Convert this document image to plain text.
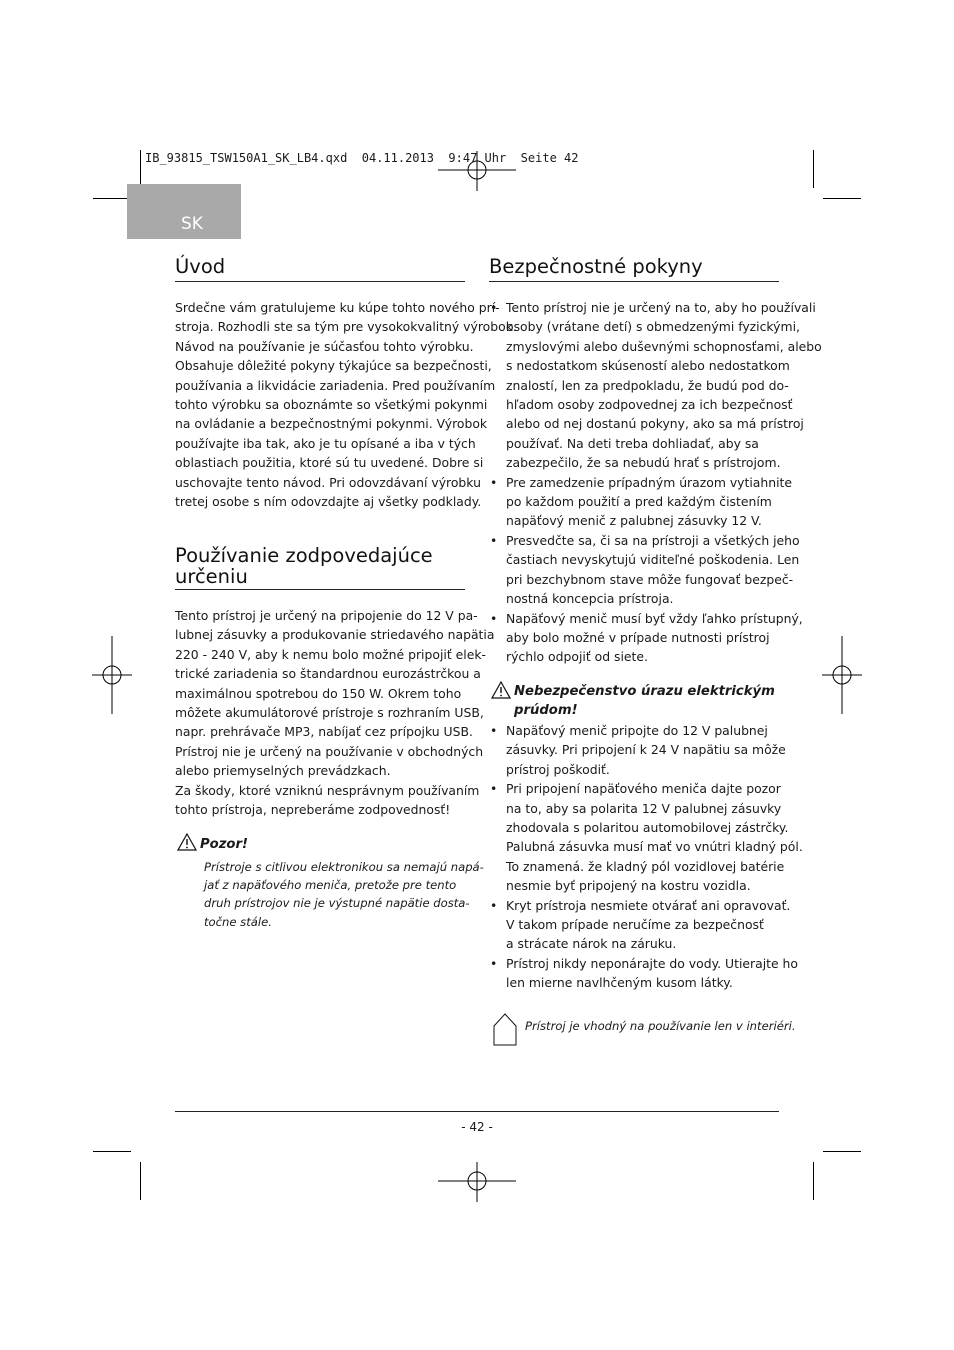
IB_93815_TSW150A1_SK_LB4.qxd  04.11.2013  9:47 Uhr  Seite 42
SK
Úvod
Srdečne vám gratulujeme ku kúpe tohto nového prí-
stroja. Rozhodli ste sa tým pre vysokokvalitný výrobok.
Návod na používanie je súčasťou tohto výrobku.
Obsahuje dôležité pokyny týkajúce sa bezpečnosti,
používania a likvidácie zariadenia. Pred používaním
tohto výrobku sa oboznámte so všetkými pokynmi
na ovládanie a bezpečnostnými pokynmi. Výrobok
používajte iba tak, ako je tu opísané a iba v tých
oblastiach použitia, ktoré sú tu uvedené. Dobre si
uschovajte tento návod. Pri odovzdávaní výrobku
tretej osobe s ním odovzdajte aj všetky podklady.
Používanie zodpovedajúce
určeniu
Tento prístroj je určený na pripojenie do 12 V pa-
lubnej zásuvky a produkovanie striedavého napätia
220 - 240 V, aby k nemu bolo možné pripojiť elek-
trické zariadenia so štandardnou eurozástrčkou a
maximálnou spotrebou do 150 W. Okrem toho
môžete akumulátorové prístroje s rozhraním USB,
napr. prehrávače MP3, nabíjať cez prípojku USB.
Prístroj nie je určený na používanie v obchodných
alebo priemyselných prevádzkach.
Za škody, ktoré vzniknú nesprávnym používaním
tohto prístroja, nepreberáme zodpovednosť!
Pozor!
Prístroje s citlivou elektronikou sa nemajú napá-
jať z napäťového meniča, pretože pre tento
druh prístrojov nie je výstupné napätie dosta-
točne stále.
Bezpečnostné pokyny
• Tento prístroj nie je určený na to, aby ho používali
osoby (vrátane detí) s obmedzenými fyzickými,
zmyslovými alebo duševnými schopnosťami, alebo
s nedostatkom skúseností alebo nedostatkom
znalostí, len za predpokladu, že budú pod do-
hľadom osoby zodpovednej za ich bezpečnosť
alebo od nej dostanú pokyny, ako sa má prístroj
používať. Na deti treba dohliadať, aby sa
zabezpečilo, že sa nebudú hrať s prístrojom.
• Pre zamedzenie prípadným úrazom vytiahnite
po každom použití a pred každým čistením
napäťový menič z palubnej zásuvky 12 V.
• Presvedčte sa, či sa na prístroji a všetkých jeho
častiach nevyskytujú viditeľné poškodenia. Len
pri bezchybnom stave môže fungovať bezpeč-
nostná koncepcia prístroja.
• Napäťový menič musí byť vždy ľahko prístupný,
aby bolo možné v prípade nutnosti prístroj
rýchlo odpojiť od siete.
Nebezpečenstvo úrazu elektrickým
prúdom!
• Napäťový menič pripojte do 12 V palubnej
zásuvky. Pri pripojení k 24 V napätiu sa môže
prístroj poškodiť.
• Pri pripojení napäťového meniča dajte pozor
na to, aby sa polarita 12 V palubnej zásuvky
zhodovala s polaritou automobilovej zástrčky.
Palubná zásuvka musí mať vo vnútri kladný pól.
To znamená. že kladný pól vozidlovej batérie
nesmie byť pripojený na kostru vozidla.
• Kryt prístroja nesmiete otvárať ani opravovať.
V takom prípade neručíme za bezpečnosť
a strácate nárok na záruku.
• Prístroj nikdy neponárajte do vody. Utierajte ho
len mierne navlhčeným kusom látky.
Prístroj je vhodný na používanie len v interiéri.
- 42 -
